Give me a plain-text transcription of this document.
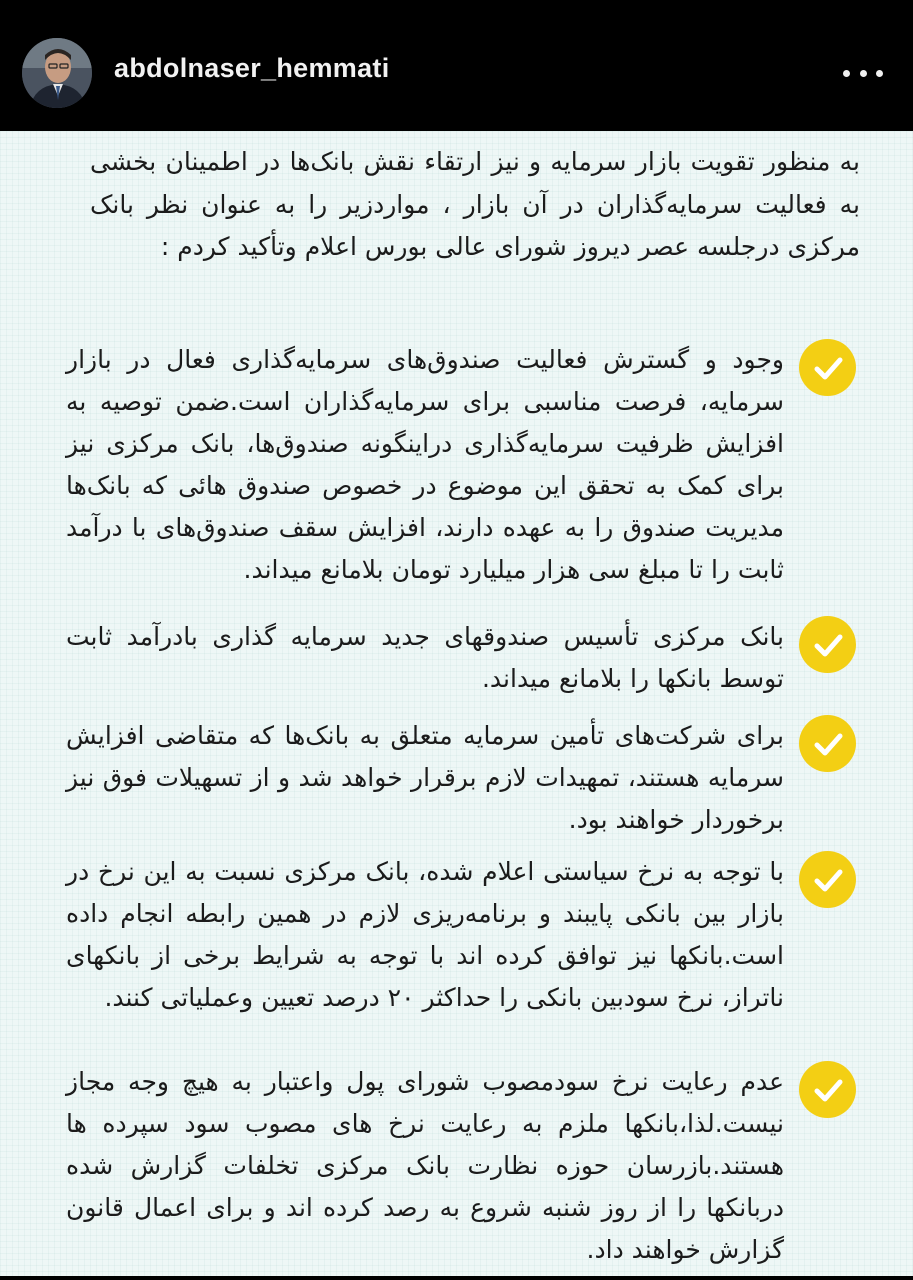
abdolnaser_hemmati
به منظور تقویت بازار سرمایه و نیز ارتقاء نقش بانک‌ها در اطمینان بخشی به فعالیت سرمایه‌گذاران در آن بازار ، مواردزیر را به عنوان نظر بانک مرکزی درجلسه عصر دیروز شورای عالی بورس اعلام وتأکید کردم :
وجود و گسترش فعالیت صندوق‌های سرمایه‌گذاری فعال در بازار سرمایه، فرصت مناسبی برای سرمایه‌گذاران است.ضمن توصیه به افزایش ظرفیت سرمایه‌گذاری دراینگونه صندوق‌ها، بانک مرکزی نیز برای کمک به تحقق این موضوع در خصوص صندوق هائی که بانک‌ها مدیریت صندوق را به عهده دارند، افزایش سقف صندوق‌های با درآمد ثابت را تا مبلغ سی هزار میلیارد تومان بلامانع میداند.
بانک مرکزی تأسیس صندوقهای جدید سرمایه گذاری بادرآمد ثابت توسط بانکها را بلامانع میداند.
برای شرکت‌های تأمین سرمایه متعلق به بانک‌ها که متقاضی افزایش سرمایه هستند، تمهیدات لازم برقرار خواهد شد و از تسهیلات فوق نیز برخوردار خواهند بود.
با توجه به نرخ سیاستی اعلام شده، بانک مرکزی نسبت به این نرخ در بازار بین بانکی پایبند و برنامه‌ریزی لازم در همین رابطه انجام داده است.بانکها نیز توافق کرده اند با توجه به شرایط برخی از بانکهای ناتراز، نرخ سودبین بانکی را حداکثر ۲۰ درصد تعیین وعملیاتی کنند.
عدم رعایت نرخ سودمصوب شورای پول واعتبار به هیچ وجه مجاز نیست.لذا،بانکها ملزم به رعایت نرخ های مصوب سود سپرده ها هستند.بازرسان حوزه نظارت بانک مرکزی تخلفات گزارش شده دربانکها را از روز شنبه شروع به رصد کرده اند و برای اعمال قانون گزارش خواهند داد.
